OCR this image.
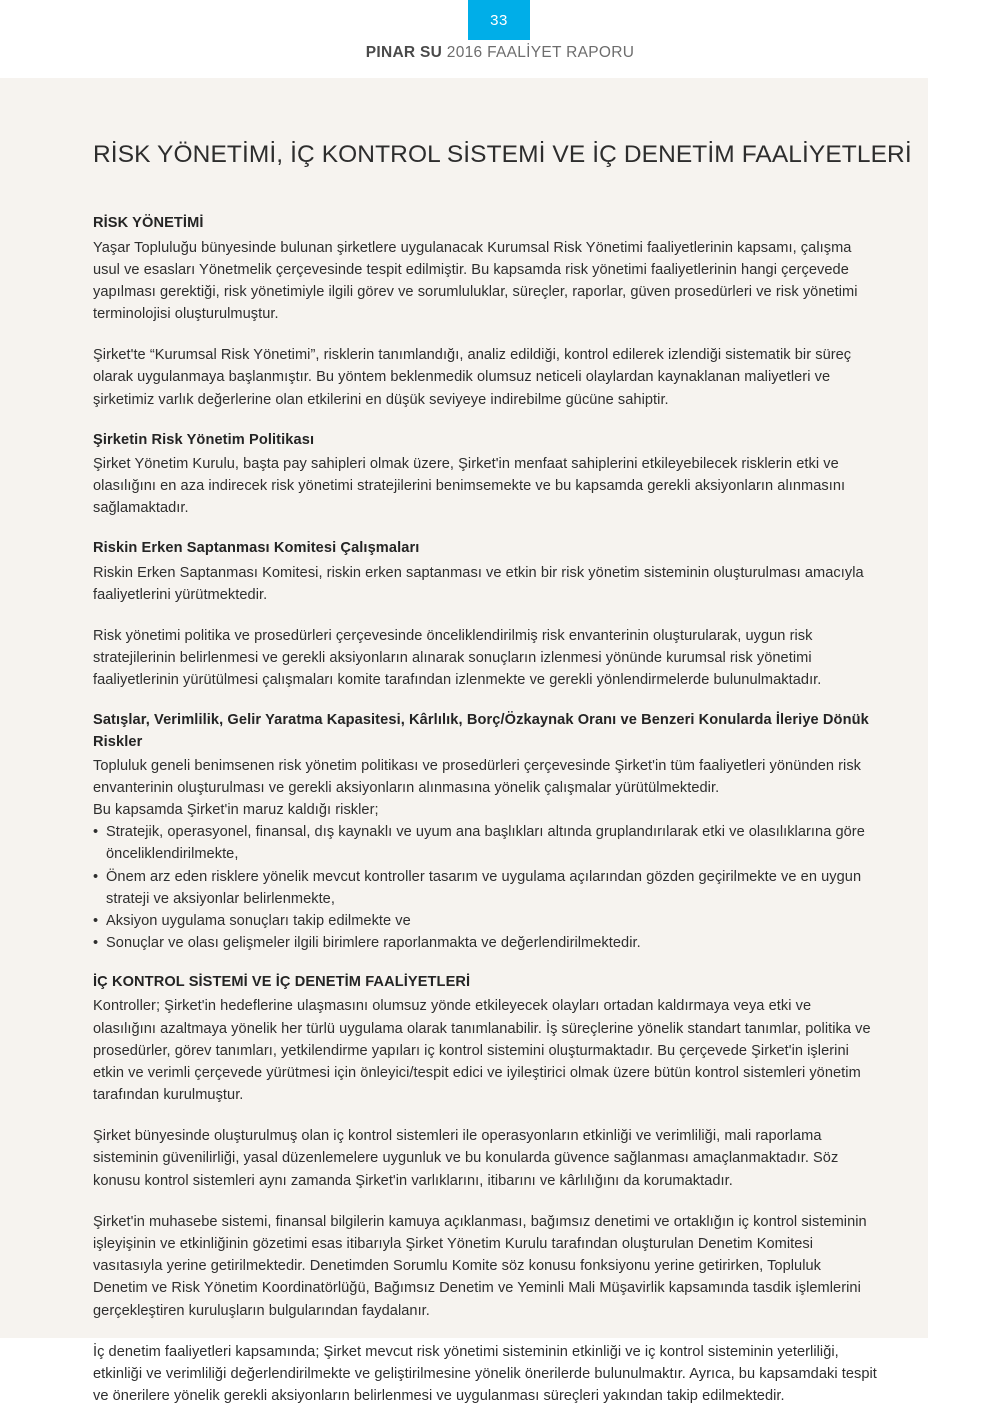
33
PINAR SU 2016 FAALİYET RAPORU
RİSK YÖNETİMİ, İÇ KONTROL SİSTEMİ VE İÇ DENETİM FAALİYETLERİ
RİSK YÖNETİMİ

Yaşar Topluluğu bünyesinde bulunan şirketlere uygulanacak Kurumsal Risk Yönetimi faaliyetlerinin kapsamı, çalışma usul ve esasları Yönetmelik çerçevesinde tespit edilmiştir. Bu kapsamda risk yönetimi faaliyetlerinin hangi çerçevede yapılması gerektiği, risk yönetimiyle ilgili görev ve sorumluluklar, süreçler, raporlar, güven prosedürleri ve risk yönetimi terminolojisi oluşturulmuştur.

Şirket'te “Kurumsal Risk Yönetimi”, risklerin tanımlandığı, analiz edildiği, kontrol edilerek izlendiği sistematik bir süreç olarak uygulanmaya başlanmıştır. Bu yöntem beklenmedik olumsuz neticeli olaylardan kaynaklanan maliyetleri ve şirketimiz varlık değerlerine olan etkilerini en düşük seviyeye indirebilme gücüne sahiptir.

Şirketin Risk Yönetim Politikası

Şirket Yönetim Kurulu, başta pay sahipleri olmak üzere, Şirket'in menfaat sahiplerini etkileyebilecek risklerin etki ve olasılığını en aza indirecek risk yönetimi stratejilerini benimsemekte ve bu kapsamda gerekli aksiyonların alınmasını sağlamaktadır.

Riskin Erken Saptanması Komitesi Çalışmaları

Riskin Erken Saptanması Komitesi, riskin erken saptanması ve etkin bir risk yönetim sisteminin oluşturulması amacıyla faaliyetlerini yürütmektedir.

Risk yönetimi politika ve prosedürleri çerçevesinde önceliklendirilmiş risk envanterinin oluşturularak, uygun risk stratejilerinin belirlenmesi ve gerekli aksiyonların alınarak sonuçların izlenmesi yönünde kurumsal risk yönetimi faaliyetlerinin yürütülmesi çalışmaları komite tarafından izlenmekte ve gerekli yönlendirmelerde bulunulmaktadır.

Satışlar, Verimlilik, Gelir Yaratma Kapasitesi, Kârlılık, Borç/Özkaynak Oranı ve Benzeri Konularda İleriye Dönük Riskler

Topluluk geneli benimsenen risk yönetim politikası ve prosedürleri çerçevesinde Şirket'in tüm faaliyetleri yönünden risk envanterinin oluşturulması ve gerekli aksiyonların alınmasına yönelik çalışmalar yürütülmektedir.

Bu kapsamda Şirket'in maruz kaldığı riskler;

• Stratejik, operasyonel, finansal, dış kaynaklı ve uyum ana başlıkları altında gruplandırılarak etki ve olasılıklarına göre önceliklendirilmekte,
• Önem arz eden risklere yönelik mevcut kontroller tasarım ve uygulama açılarından gözden geçirilmekte ve en uygun strateji ve aksiyonlar belirlenmekte,
• Aksiyon uygulama sonuçları takip edilmekte ve
• Sonuçlar ve olası gelişmeler ilgili birimlere raporlanmakta ve değerlendirilmektedir.
İÇ KONTROL SİSTEMİ VE İÇ DENETİM FAALİYETLERİ

Kontroller; Şirket'in hedeflerine ulaşmasını olumsuz yönde etkileyecek olayları ortadan kaldırmaya veya etki ve olasılığını azaltmaya yönelik her türlü uygulama olarak tanımlanabilir. İş süreçlerine yönelik standart tanımlar, politika ve prosedürler, görev tanımları, yetkilendirme yapıları iç kontrol sistemini oluşturmaktadır. Bu çerçevede Şirket'in işlerini etkin ve verimli çerçevede yürütmesi için önleyici/tespit edici ve iyileştirici olmak üzere bütün kontrol sistemleri yönetim tarafından kurulmuştur.

Şirket bünyesinde oluşturulmuş olan iç kontrol sistemleri ile operasyonların etkinliği ve verimliliği, mali raporlama sisteminin güvenilirliği, yasal düzenlemelere uygunluk ve bu konularda güvence sağlanması amaçlanmaktadır. Söz konusu kontrol sistemleri aynı zamanda Şirket'in varlıklarını, itibarını ve kârlılığını da korumaktadır.

Şirket'in muhasebe sistemi, finansal bilgilerin kamuya açıklanması, bağımsız denetimi ve ortaklığın iç kontrol sisteminin işleyişinin ve etkinliğinin gözetimi esas itibarıyla Şirket Yönetim Kurulu tarafından oluşturulan Denetim Komitesi vasıtasıyla yerine getirilmektedir. Denetimden Sorumlu Komite söz konusu fonksiyonu yerine getirirken, Topluluk Denetim ve Risk Yönetim Koordinatörlüğü, Bağımsız Denetim ve Yeminli Mali Müşavirlik kapsamında tasdik işlemlerini gerçekleştiren kuruluşların bulgularından faydalanır.

İç denetim faaliyetleri kapsamında; Şirket mevcut risk yönetimi sisteminin etkinliği ve iç kontrol sisteminin yeterliliği, etkinliği ve verimliliği değerlendirilmekte ve geliştirilmesine yönelik önerilerde bulunulmaktır. Ayrıca, bu kapsamdaki tespit ve önerilere yönelik gerekli aksiyonların belirlenmesi ve uygulanması süreçleri yakından takip edilmektedir.
